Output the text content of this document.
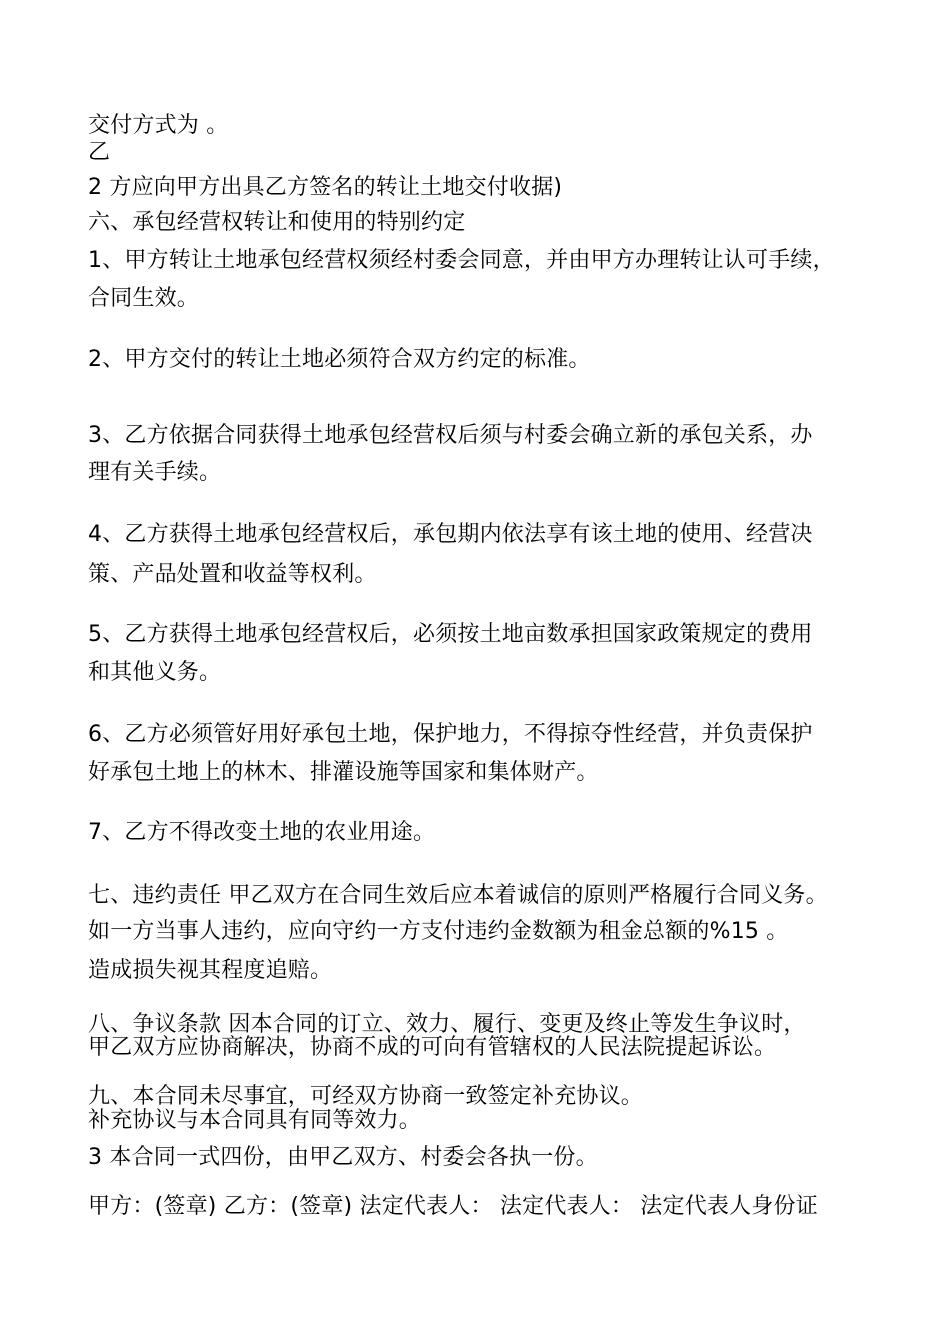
交付方式为 。
乙
2 方应向甲方出具乙方签名的转让土地交付收据)
六、承包经营权转让和使用的特别约定
1、甲方转让土地承包经营权须经村委会同意，并由甲方办理转让认可手续，
合同生效。
2、甲方交付的转让土地必须符合双方约定的标准。
3、乙方依据合同获得土地承包经营权后须与村委会确立新的承包关系，办
理有关手续。
4、乙方获得土地承包经营权后，承包期内依法享有该土地的使用、经营决
策、产品处置和收益等权利。
5、乙方获得土地承包经营权后，必须按土地亩数承担国家政策规定的费用
和其他义务。
6、乙方必须管好用好承包土地，保护地力，不得掠夺性经营，并负责保护
好承包土地上的林木、排灌设施等国家和集体财产。
7、乙方不得改变土地的农业用途。
七、违约责任 甲乙双方在合同生效后应本着诚信的原则严格履行合同义务。
如一方当事人违约，应向守约一方支付违约金数额为租金总额的%15 。
造成损失视其程度追赔。
八、争议条款 因本合同的订立、效力、履行、变更及终止等发生争议时，
甲乙双方应协商解决，协商不成的可向有管辖权的人民法院提起诉讼。
九、本合同未尽事宜，可经双方协商一致签定补充协议。
补充协议与本合同具有同等效力。
3 本合同一式四份，由甲乙双方、村委会各执一份。
甲方：(签章) 乙方：(签章) 法定代表人： 法定代表人： 法定代表人身份证
